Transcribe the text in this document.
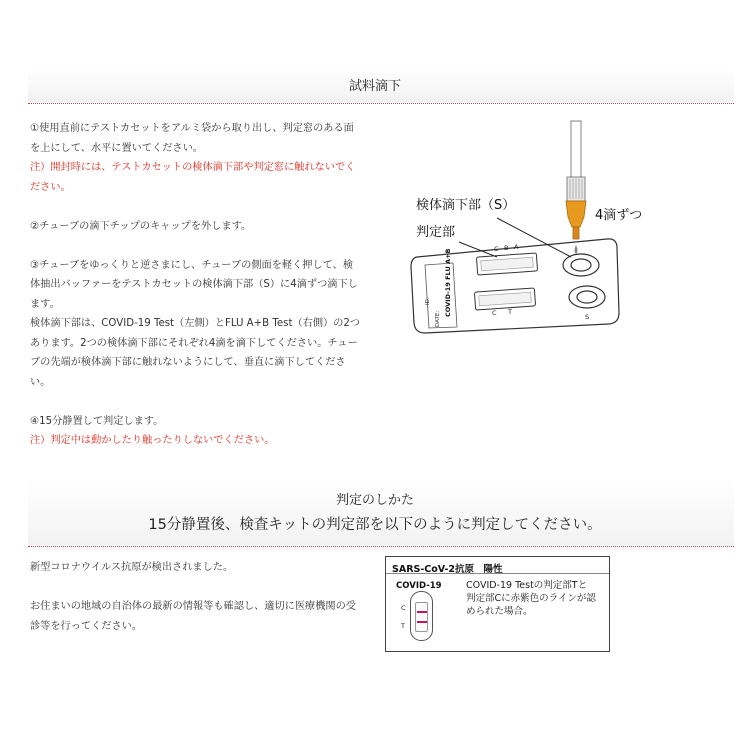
試料滴下
①使用直前にテストカセットをアルミ袋から取り出し、判定窓のある面
を上にして、水平に置いてください。
注）開封時には、テストカセットの検体滴下部や判定窓に触れないでく
ださい。
②チューブの滴下チップのキャップを外します。
③チューブをゆっくりと逆さまにし、チューブの側面を軽く押して、検
体抽出バッファーをテストカセットの検体滴下部（S）に4滴ずつ滴下し
ます。
検体滴下部は、COVID-19 Test（左側）とFLU A+B Test（右側）の2つ
あります。2つの検体滴下部にそれぞれ4滴を滴下してください。チュー
ブの先端が検体滴下部に触れないようにして、垂直に滴下してくださ
い。
④15分静置して判定します。
注）判定中は動かしたり触ったりしないでください。
検体滴下部（S）
判定部
4滴ずつ
COVID-19 FLU A+B
ID:
DATE:
C B A
C T
S
判定のしかた
15分静置後、検査キットの判定部を以下のように判定してください。
新型コロナウイルス抗原が検出されました。
お住まいの地域の自治体の最新の情報等も確認し、適切に医療機関の受
診等を行ってください。
SARS-CoV-2抗原　陽性
COVID-19	COVID-19 Testの判定部Tと
判定部Cに赤紫色のラインが認
められた場合。
C
T
